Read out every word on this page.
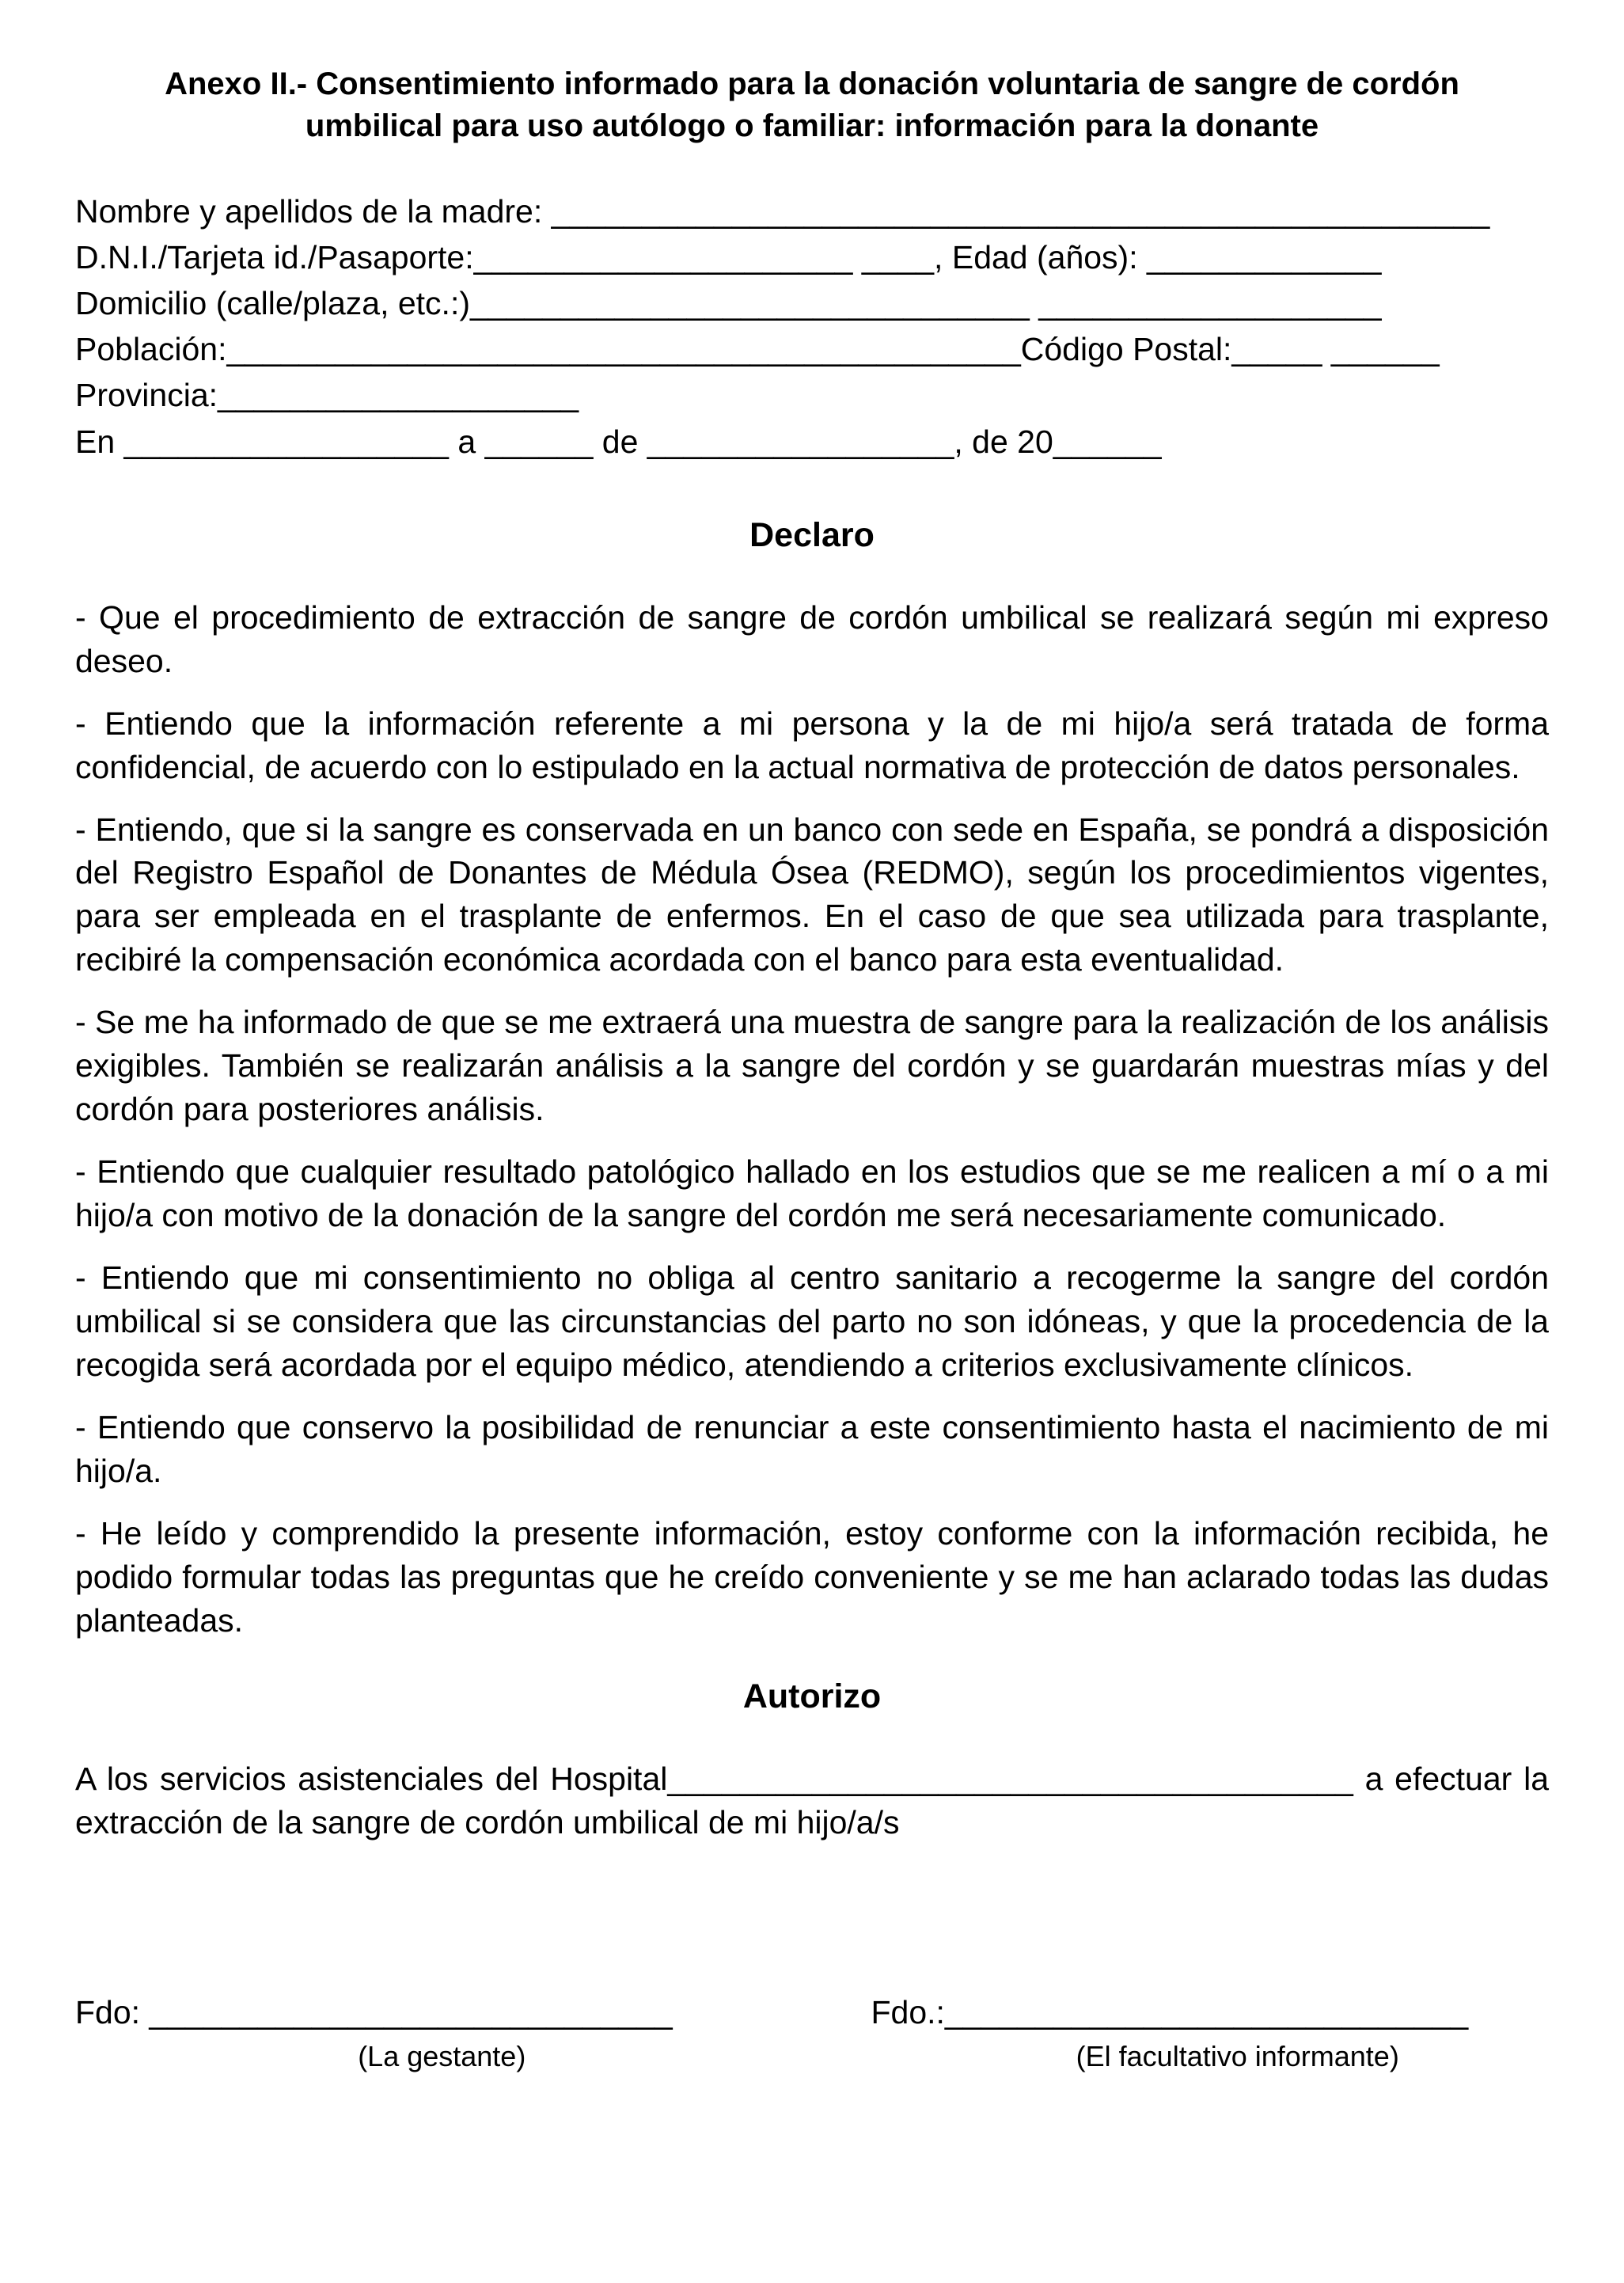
Anexo II.- Consentimiento informado para la donación voluntaria de sangre de cordón
umbilical para uso autólogo o familiar: información para la donante

Nombre y apellidos de la madre: ____________________________________________________

D.N.I./Tarjeta id./Pasaporte:_____________________ ____, Edad (años): _____________

Domicilio (calle/plaza, etc.:)_______________________________ ___________________

Población:____________________________________________Código Postal:_____ ______

Provincia:____________________

En __________________ a ______ de _________________, de 20______

Declaro

- Que el procedimiento de extracción de sangre de cordón umbilical se realizará según mi expreso deseo.

- Entiendo que la información referente a mi persona y la de mi hijo/a será tratada de forma confidencial, de acuerdo con lo estipulado en la actual normativa de protección de datos personales.

- Entiendo, que si la sangre es conservada en un banco con sede en España, se pondrá a disposición del Registro Español de Donantes de Médula Ósea (REDMO), según los procedimientos vigentes, para ser empleada en el trasplante de enfermos. En el caso de que sea utilizada para trasplante, recibiré la compensación económica acordada con el banco para esta eventualidad.

- Se me ha informado de que se me extraerá una muestra de sangre para la realización de los análisis exigibles. También se realizarán análisis a la sangre del cordón y se guardarán muestras mías y del cordón para posteriores análisis.

- Entiendo que cualquier resultado patológico hallado en los estudios que se me realicen a mí o a mi hijo/a con motivo de la donación de la sangre del cordón me será necesariamente comunicado.

- Entiendo que mi consentimiento no obliga al centro sanitario a recogerme la sangre del cordón umbilical si se considera que las circunstancias del parto no son idóneas, y que la procedencia de la recogida será acordada por el equipo médico, atendiendo a criterios exclusivamente clínicos.

- Entiendo que conservo la posibilidad de renunciar a este consentimiento hasta el nacimiento de mi hijo/a.

- He leído y comprendido la presente información, estoy conforme con la información recibida, he podido formular todas las preguntas que he creído conveniente y se me han aclarado todas las dudas planteadas.

Autorizo

A los servicios asistenciales del Hospital______________________________________ a efectuar la extracción de la sangre de cordón umbilical de mi hijo/a/s

Fdo: _____________________________

(La gestante)

Fdo.:_____________________________

(El facultativo informante)
